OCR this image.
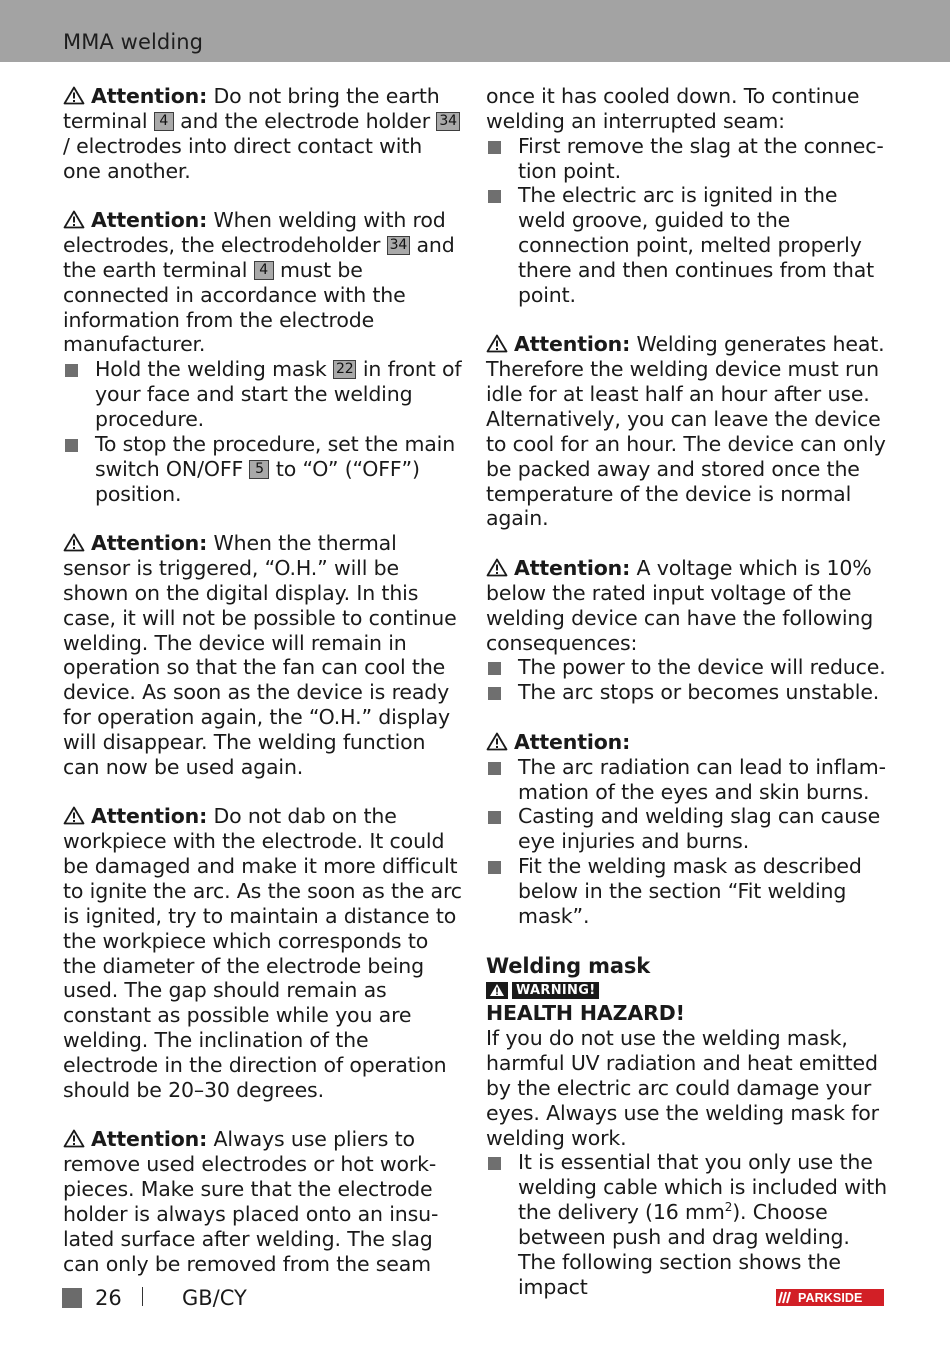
MMA welding

Attention: Do not bring the earth terminal 4 and the electrode holder 34/ electrodes into direct contact with one another.

Attention: When welding with rod electrodes, the electrodeholder 34 and the earth terminal 4 must be connected in accordance with the information from the electrode manufacturer.

Hold the welding mask 22 in front of your face and start the welding procedure.
To stop the procedure, set the main switch ON/OFF 5 to “O” (“OFF”) position.

Attention: When the thermal sensor is triggered, “O.H.” will be shown on the digital display. In this case, it will not be possible to continue welding. The device will remain in operation so that the fan can cool the device. As soon as the device is ready for operation again, the “O.H.” display will disappear. The welding function can now be used again.

Attention: Do not dab on the workpiece with the electrode. It could be damaged and make it more difficult to ignite the arc. As the soon as the arc is ignited, try to maintain a distance to the workpiece which corresponds to the diameter of the electrode being used. The gap should remain as constant as possible while you are welding. The inclination of the electrode in the direction of operation should be 20–30 degrees.

Attention: Always use pliers to remove used electrodes or hot work-pieces. Make sure that the electrode holder is always placed onto an insu-lated surface after welding. The slag can only be removed from the seam

once it has cooled down. To continue welding an interrupted seam:

First remove the slag at the connec-tion point.
The electric arc is ignited in the weld groove, guided to the connection point, melted properly there and then continues from that point.

Attention: Welding generates heat. Therefore the welding device must run idle for at least half an hour after use. Alternatively, you can leave the device to cool for an hour. The device can only be packed away and stored once the temperature of the device is normal again.

Attention: A voltage which is 10% below the rated input voltage of the welding device can have the following consequences:

The power to the device will reduce.
The arc stops or becomes unstable.

Attention:

The arc radiation can lead to inflam-mation of the eyes and skin burns.
Casting and welding slag can cause eye injuries and burns.
Fit the welding mask as described below in the section “Fit welding mask”.
Welding mask
WARNING!
HEALTH HAZARD!

If you do not use the welding mask, harmful UV radiation and heat emitted by the electric arc could damage your eyes. Always use the welding mask for welding work.

It is essential that you only use the welding cable which is included with the delivery (16 $mm^2$). Choose between push and drag welding. The following section shows the impact
26	GB/CY	PARKSIDE
